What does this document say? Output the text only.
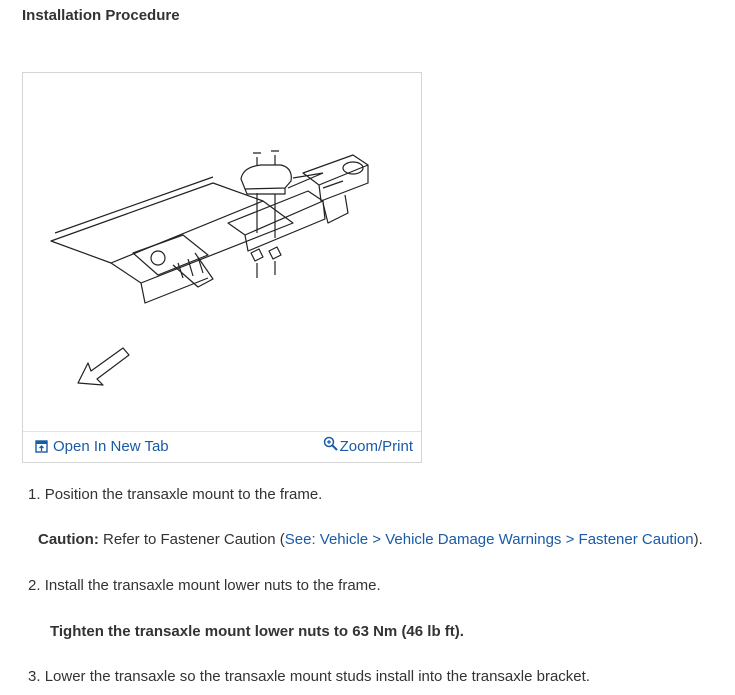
Installation Procedure
Open In New Tab	Zoom/Print
1. Position the transaxle mount to the frame.
Caution: Refer to Fastener Caution (See: Vehicle > Vehicle Damage Warnings > Fastener Caution).
2. Install the transaxle mount lower nuts to the frame.
Tighten the transaxle mount lower nuts to 63 Nm (46 lb ft).
3. Lower the transaxle so the transaxle mount studs install into the transaxle bracket.
